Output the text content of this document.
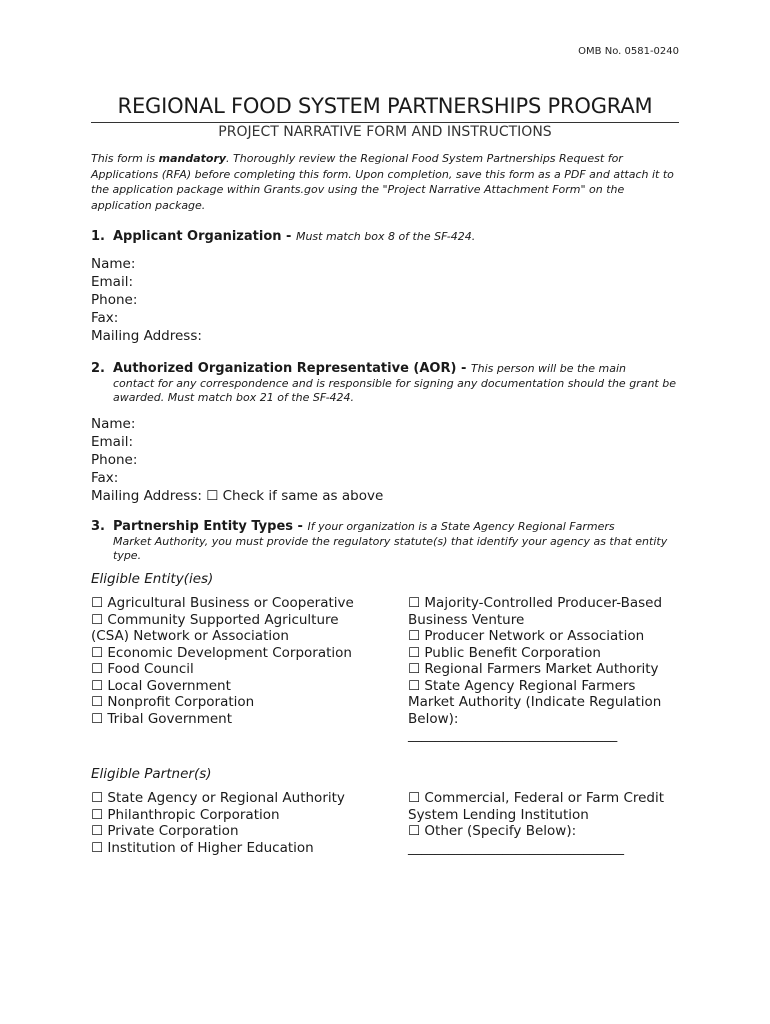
OMB No. 0581-0240
REGIONAL FOOD SYSTEM PARTNERSHIPS PROGRAM
PROJECT NARRATIVE FORM AND INSTRUCTIONS
This form is mandatory. Thoroughly review the Regional Food System Partnerships Request for Applications (RFA) before completing this form. Upon completion, save this form as a PDF and attach it to the application package within Grants.gov using the "Project Narrative Attachment Form" on the application package.
1. Applicant Organization - Must match box 8 of the SF-424.
Name:
Email:
Phone:
Fax:
Mailing Address:
2. Authorized Organization Representative (AOR) - This person will be the main
contact for any correspondence and is responsible for signing any documentation should the grant be awarded. Must match box 21 of the SF-424.
Name:
Email:
Phone:
Fax:
Mailing Address: ☐ Check if same as above
3. Partnership Entity Types - If your organization is a State Agency Regional Farmers
Market Authority, you must provide the regulatory statute(s) that identify your agency as that entity type.
Eligible Entity(ies)
☐ Agricultural Business or Cooperative
☐ Community Supported Agriculture
(CSA) Network or Association
☐ Economic Development Corporation
☐ Food Council
☐ Local Government
☐ Nonprofit Corporation
☐ Tribal Government
☐ Majority-Controlled Producer-Based
Business Venture
☐ Producer Network or Association
☐ Public Benefit Corporation
☐ Regional Farmers Market Authority
☐ State Agency Regional Farmers
Market Authority (Indicate Regulation
Below):
_______________________________
Eligible Partner(s)
☐ State Agency or Regional Authority
☐ Philanthropic Corporation
☐ Private Corporation
☐ Institution of Higher Education
☐ Commercial, Federal or Farm Credit
System Lending Institution
☐ Other (Specify Below):
________________________________
